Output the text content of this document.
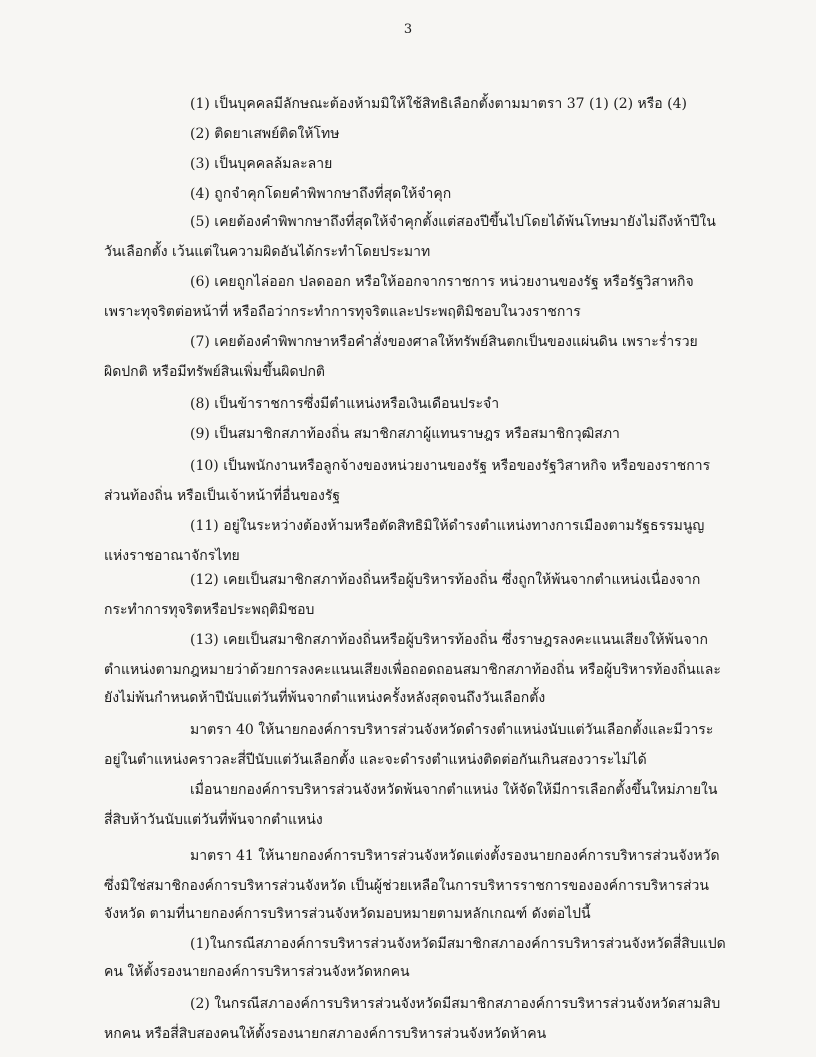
3
(1) เป็นบุคคลมีลักษณะต้องห้ามมิให้ใช้สิทธิเลือกตั้งตามมาตรา 37 (1) (2) หรือ (4)
(2) ติดยาเสพย์ติดให้โทษ
(3) เป็นบุคคลล้มละลาย
(4) ถูกจำคุกโดยคำพิพากษาถึงที่สุดให้จำคุก
(5) เคยต้องคำพิพากษาถึงที่สุดให้จำคุกตั้งแต่สองปีขึ้นไปโดยได้พ้นโทษมายังไม่ถึงห้าปีใน
วันเลือกตั้ง เว้นแต่ในความผิดอันได้กระทำโดยประมาท
(6) เคยถูกไล่ออก ปลดออก หรือให้ออกจากราชการ หน่วยงานของรัฐ หรือรัฐวิสาหกิจ
เพราะทุจริตต่อหน้าที่ หรือถือว่ากระทำการทุจริตและประพฤติมิชอบในวงราชการ
(7) เคยต้องคำพิพากษาหรือคำสั่งของศาลให้ทรัพย์สินตกเป็นของแผ่นดิน เพราะร่ำรวย
ผิดปกติ หรือมีทรัพย์สินเพิ่มขึ้นผิดปกติ
(8) เป็นข้าราชการซึ่งมีตำแหน่งหรือเงินเดือนประจำ
(9) เป็นสมาชิกสภาท้องถิ่น สมาชิกสภาผู้แทนราษฎร หรือสมาชิกวุฒิสภา
(10) เป็นพนักงานหรือลูกจ้างของหน่วยงานของรัฐ หรือของรัฐวิสาหกิจ หรือของราชการ
ส่วนท้องถิ่น หรือเป็นเจ้าหน้าที่อื่นของรัฐ
(11) อยู่ในระหว่างต้องห้ามหรือตัดสิทธิมิให้ดำรงตำแหน่งทางการเมืองตามรัฐธรรมนูญ
แห่งราชอาณาจักรไทย
(12) เคยเป็นสมาชิกสภาท้องถิ่นหรือผู้บริหารท้องถิ่น ซึ่งถูกให้พ้นจากตำแหน่งเนื่องจาก
กระทำการทุจริตหรือประพฤติมิชอบ
(13) เคยเป็นสมาชิกสภาท้องถิ่นหรือผู้บริหารท้องถิ่น ซึ่งราษฎรลงคะแนนเสียงให้พ้นจาก
ตำแหน่งตามกฎหมายว่าด้วยการลงคะแนนเสียงเพื่อถอดถอนสมาชิกสภาท้องถิ่น หรือผู้บริหารท้องถิ่นและ
ยังไม่พ้นกำหนดห้าปีนับแต่วันที่พ้นจากตำแหน่งครั้งหลังสุดจนถึงวันเลือกตั้ง
มาตรา 40 ให้นายกองค์การบริหารส่วนจังหวัดดำรงตำแหน่งนับแต่วันเลือกตั้งและมีวาระ
อยู่ในตำแหน่งคราวละสี่ปีนับแต่วันเลือกตั้ง และจะดำรงตำแหน่งติดต่อกันเกินสองวาระไม่ได้
เมื่อนายกองค์การบริหารส่วนจังหวัดพ้นจากตำแหน่ง ให้จัดให้มีการเลือกตั้งขึ้นใหม่ภายใน
สี่สิบห้าวันนับแต่วันที่พ้นจากตำแหน่ง
มาตรา 41 ให้นายกองค์การบริหารส่วนจังหวัดแต่งตั้งรองนายกองค์การบริหารส่วนจังหวัด
ซึ่งมิใช่สมาชิกองค์การบริหารส่วนจังหวัด เป็นผู้ช่วยเหลือในการบริหารราชการขององค์การบริหารส่วน
จังหวัด ตามที่นายกองค์การบริหารส่วนจังหวัดมอบหมายตามหลักเกณฑ์ ดังต่อไปนี้
(1)ในกรณีสภาองค์การบริหารส่วนจังหวัดมีสมาชิกสภาองค์การบริหารส่วนจังหวัดสี่สิบแปด
คน ให้ตั้งรองนายกองค์การบริหารส่วนจังหวัดหกคน
(2) ในกรณีสภาองค์การบริหารส่วนจังหวัดมีสมาชิกสภาองค์การบริหารส่วนจังหวัดสามสิบ
หกคน หรือสี่สิบสองคนให้ตั้งรองนายกสภาองค์การบริหารส่วนจังหวัดห้าคน
